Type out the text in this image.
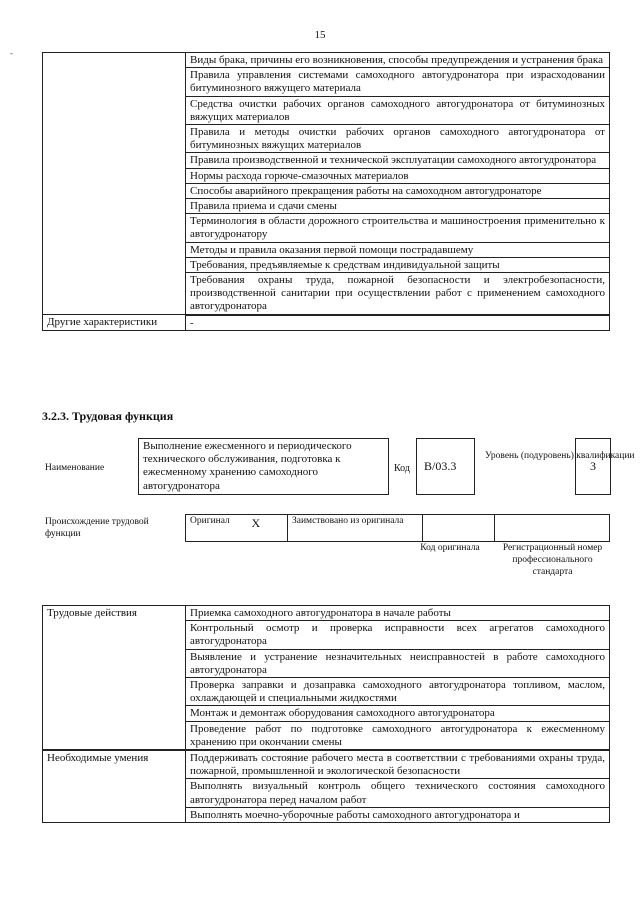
15
-
	Виды брака, причины его возникновения, способы предупреждения и устранения брака
	Правила управления системами самоходного автогудронатора при израсходовании битуминозного вяжущего материала
	Средства очистки рабочих органов самоходного автогудронатора от битуминозных вяжущих материалов
	Правила и методы очистки рабочих органов самоходного автогудронатора от битуминозных вяжущих материалов
	Правила производственной и технической эксплуатации самоходного автогудронатора
	Нормы расхода горюче-смазочных материалов
	Способы аварийного прекращения работы на самоходном автогудронаторе
	Правила приема и сдачи смены
	Терминология в области дорожного строительства и машиностроения применительно к автогудронатору
	Методы и правила оказания первой помощи пострадавшему
	Требования, предъявляемые к средствам индивидуальной защиты
	Требования охраны труда, пожарной безопасности и электробезопасности, производственной санитарии при осуществлении работ с применением самоходного автогудронатора
Другие характеристики	-
3.2.3. Трудовая функция
Наименование
Выполнение ежесменного и периодического технического обслуживания, подготовка к ежесменному хранению самоходного автогудронатора
Код	B/03.3
Уровень (подуровень) квалификации
3
Происхождение трудовой функции
Оригинал	X	Заимствовано из оригинала		
Код оригинала	Регистрационный номер профессионального стандарта
Трудовые действия	Приемка самоходного автогудронатора в начале работы
	Контрольный осмотр и проверка исправности всех агрегатов самоходного автогудронатора
	Выявление и устранение незначительных неисправностей в работе самоходного автогудронатора
	Проверка заправки и дозаправка самоходного автогудронатора топливом, маслом, охлаждающей и специальными жидкостями
	Монтаж и демонтаж оборудования самоходного автогудронатора
	Проведение работ по подготовке самоходного автогудронатора к ежесменному хранению при окончании смены
Необходимые умения	Поддерживать состояние рабочего места в соответствии с требованиями охраны труда, пожарной, промышленной и экологической безопасности
	Выполнять визуальный контроль общего технического состояния самоходного автогудронатора перед началом работ
	Выполнять мoечно-уборочные работы самоходного автогудронатора и
